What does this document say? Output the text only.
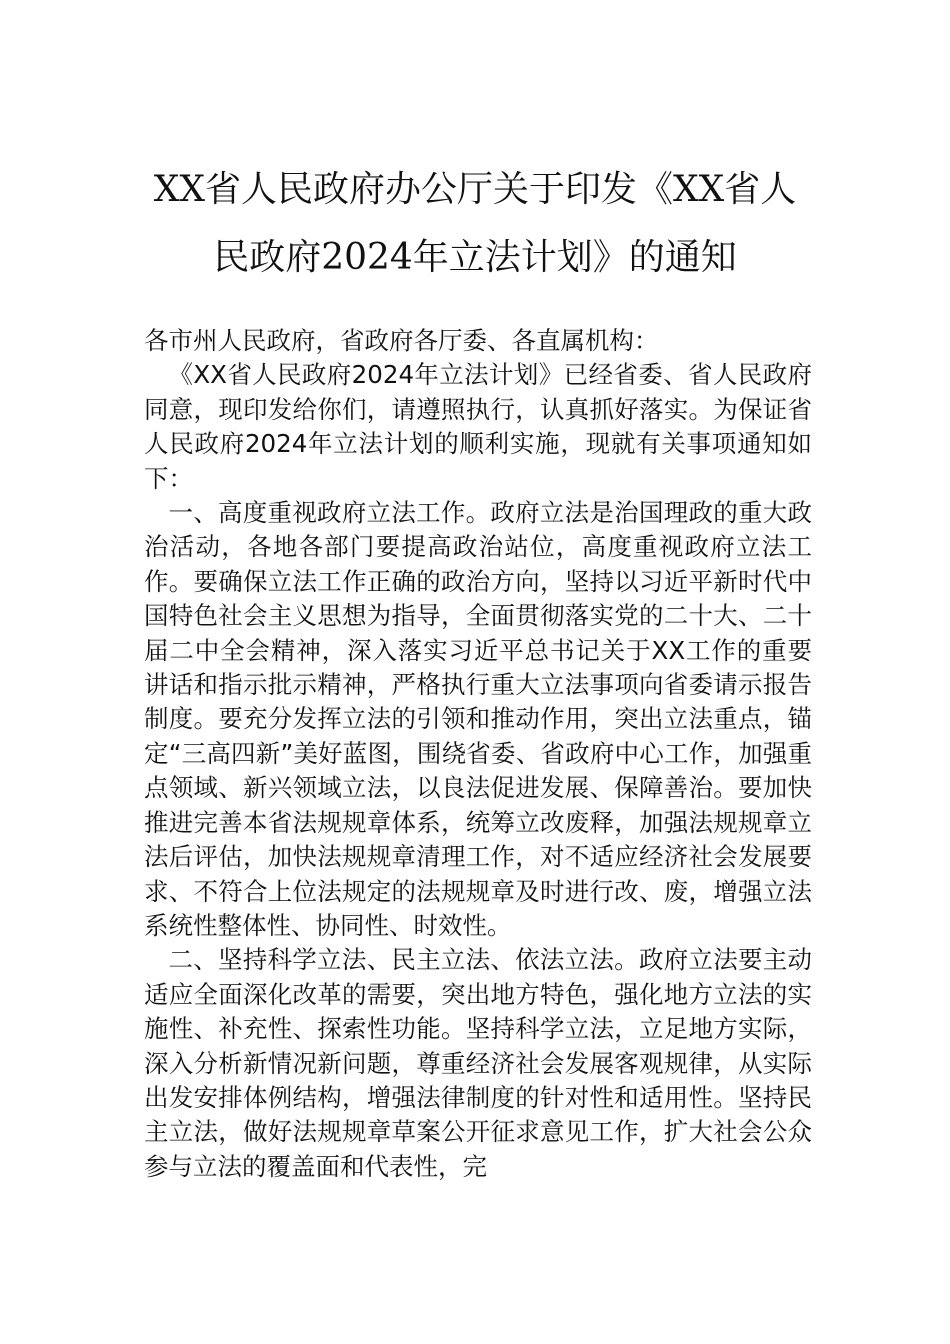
XX省人民政府办公厅关于印发《XX省人
民政府2024年立法计划》的通知

各市州人民政府，省政府各厅委、各直属机构：

《XX省人民政府2024年立法计划》已经省委、省人民政府同意，现印发给你们，请遵照执行，认真抓好落实。为保证省人民政府2024年立法计划的顺利实施，现就有关事项通知如下：

一、高度重视政府立法工作。政府立法是治国理政的重大政治活动，各地各部门要提高政治站位，高度重视政府立法工作。要确保立法工作正确的政治方向，坚持以习近平新时代中国特色社会主义思想为指导，全面贯彻落实党的二十大、二十届二中全会精神，深入落实习近平总书记关于XX工作的重要讲话和指示批示精神，严格执行重大立法事项向省委请示报告制度。要充分发挥立法的引领和推动作用，突出立法重点，锚定“三高四新”美好蓝图，围绕省委、省政府中心工作，加强重点领域、新兴领域立法，以良法促进发展、保障善治。要加快推进完善本省法规规章体系，统筹立改废释，加强法规规章立法后评估，加快法规规章清理工作，对不适应经济社会发展要求、不符合上位法规定的法规规章及时进行改、废，增强立法系统性整体性、协同性、时效性。

二、坚持科学立法、民主立法、依法立法。政府立法要主动适应全面深化改革的需要，突出地方特色，强化地方立法的实施性、补充性、探索性功能。坚持科学立法，立足地方实际，深入分析新情况新问题，尊重经济社会发展客观规律，从实际出发安排体例结构，增强法律制度的针对性和适用性。坚持民主立法，做好法规规章草案公开征求意见工作，扩大社会公众参与立法的覆盖面和代表性，完
